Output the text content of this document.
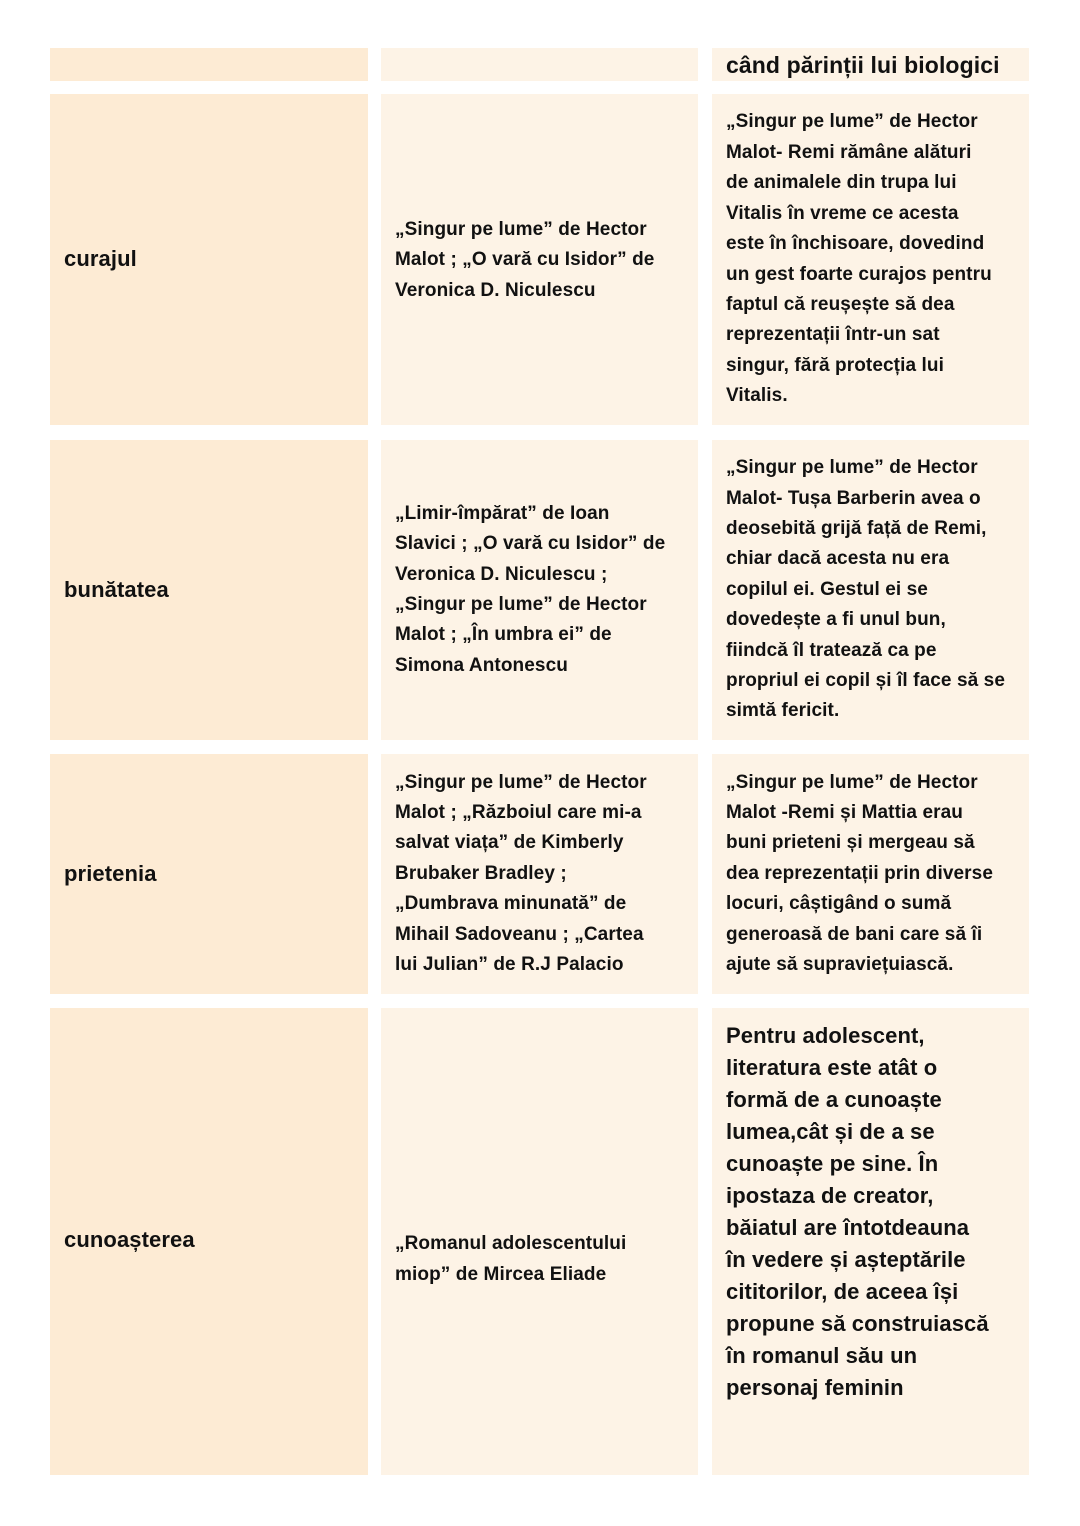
când părinții lui biologici
curajul
„Singur pe lume” de Hector
Malot ; „O vară cu Isidor” de
Veronica D. Niculescu
„Singur pe lume” de Hector
Malot- Remi rămâne alături
de animalele din trupa lui
Vitalis în vreme ce acesta
este în închisoare, dovedind
un gest foarte curajos pentru
faptul că reușește să dea
reprezentații într-un sat
singur, fără protecția lui
Vitalis.
bunătatea
„Limir-împărat” de Ioan
Slavici ; „O vară cu Isidor” de
Veronica D. Niculescu ;
„Singur pe lume” de Hector
Malot ; „În umbra ei” de
Simona Antonescu
„Singur pe lume” de Hector
Malot- Tușa Barberin avea o
deosebită grijă față de Remi,
chiar dacă acesta nu era
copilul ei. Gestul ei se
dovedește a fi unul bun,
fiindcă îl tratează ca pe
propriul ei copil și îl face să se
simtă fericit.
prietenia
„Singur pe lume” de Hector
Malot ; „Războiul care mi-a
salvat viața” de Kimberly
Brubaker Bradley ;
„Dumbrava minunată” de
Mihail Sadoveanu ; „Cartea
lui Julian” de R.J Palacio
„Singur pe lume” de Hector
Malot -Remi și Mattia erau
buni prieteni și mergeau să
dea reprezentații prin diverse
locuri, câștigând o sumă
generoasă de bani care să îi
ajute să supraviețuiască.
cunoașterea	„Romanul adolescentului
miop” de Mircea Eliade
Pentru adolescent,
literatura este atât o
formă de a cunoaște
lumea,cât și de a se
cunoaște pe sine. În
ipostaza de creator,
băiatul are întotdeauna
în vedere și așteptările
cititorilor, de aceea își
propune să construiască
în romanul său un
personaj feminin
